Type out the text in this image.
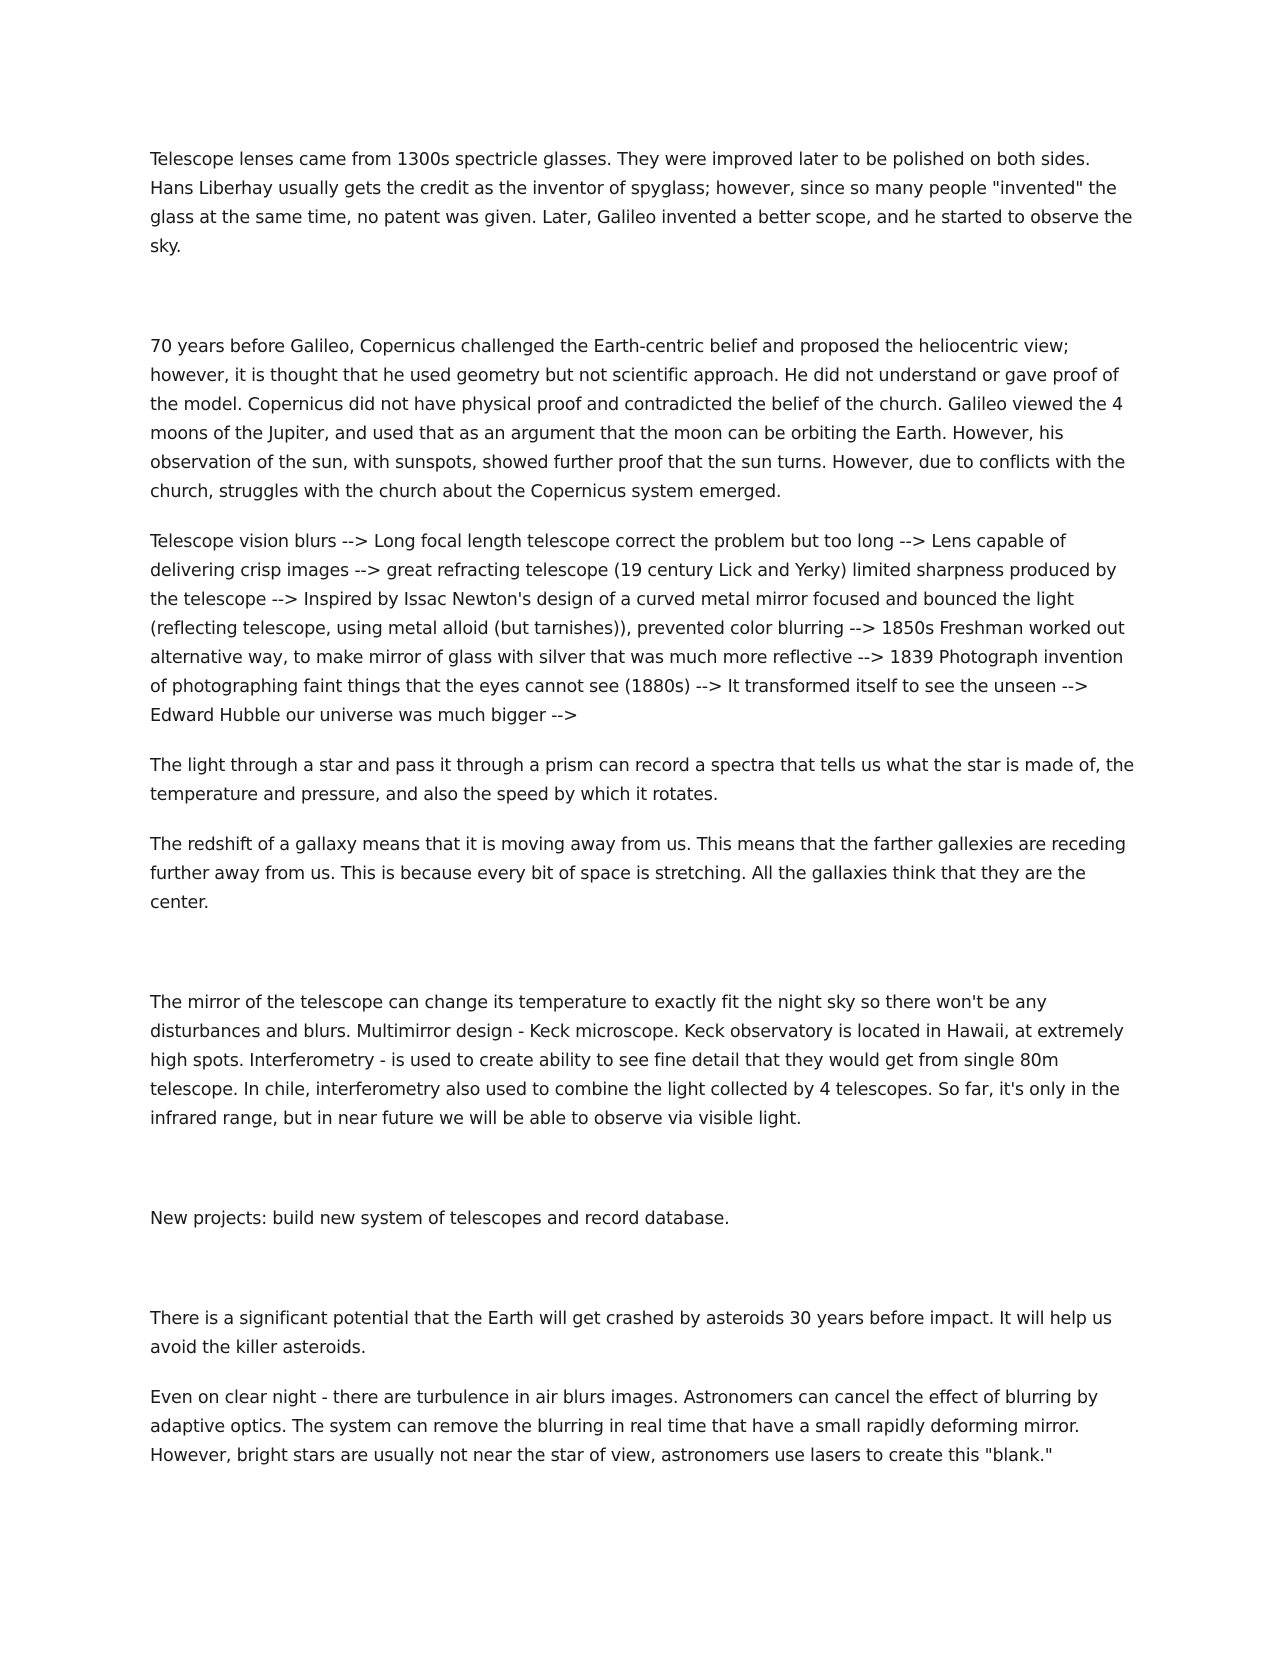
Telescope lenses came from 1300s spectricle glasses. They were improved later to be polished on both sides. Hans Liberhay usually gets the credit as the inventor of spyglass; however, since so many people "invented" the glass at the same time, no patent was given. Later, Galileo invented a better scope, and he started to observe the sky.

70 years before Galileo, Copernicus challenged the Earth-centric belief and proposed the heliocentric view; however, it is thought that he used geometry but not scientific approach. He did not understand or gave proof of the model. Copernicus did not have physical proof and contradicted the belief of the church. Galileo viewed the 4 moons of the Jupiter, and used that as an argument that the moon can be orbiting the Earth. However, his observation of the sun, with sunspots, showed further proof that the sun turns. However, due to conflicts with the church, struggles with the church about the Copernicus system emerged.

Telescope vision blurs --> Long focal length telescope correct the problem but too long --> Lens capable of delivering crisp images --> great refracting telescope (19 century Lick and Yerky) limited sharpness produced by the telescope --> Inspired by Issac Newton's design of a curved metal mirror focused and bounced the light (reflecting telescope, using metal alloid (but tarnishes)), prevented color blurring --> 1850s Freshman worked out alternative way, to make mirror of glass with silver that was much more reflective --> 1839 Photograph invention of photographing faint things that the eyes cannot see (1880s) --> It transformed itself to see the unseen --> Edward Hubble our universe was much bigger -->

The light through a star and pass it through a prism can record a spectra that tells us what the star is made of, the temperature and pressure, and also the speed by which it rotates.

The redshift of a gallaxy means that it is moving away from us. This means that the farther gallexies are receding further away from us. This is because every bit of space is stretching. All the gallaxies think that they are the center.

The mirror of the telescope can change its temperature to exactly fit the night sky so there won't be any disturbances and blurs. Multimirror design - Keck microscope. Keck observatory is located in Hawaii, at extremely high spots. Interferometry - is used to create ability to see fine detail that they would get from single 80m telescope. In chile, interferometry also used to combine the light collected by 4 telescopes. So far, it's only in the infrared range, but in near future we will be able to observe via visible light.

New projects: build new system of telescopes and record database.

There is a significant potential that the Earth will get crashed by asteroids 30 years before impact. It will help us avoid the killer asteroids.

Even on clear night - there are turbulence in air blurs images. Astronomers can cancel the effect of blurring by adaptive optics. The system can remove the blurring in real time that have a small rapidly deforming mirror. However, bright stars are usually not near the star of view, astronomers use lasers to create this "blank."
